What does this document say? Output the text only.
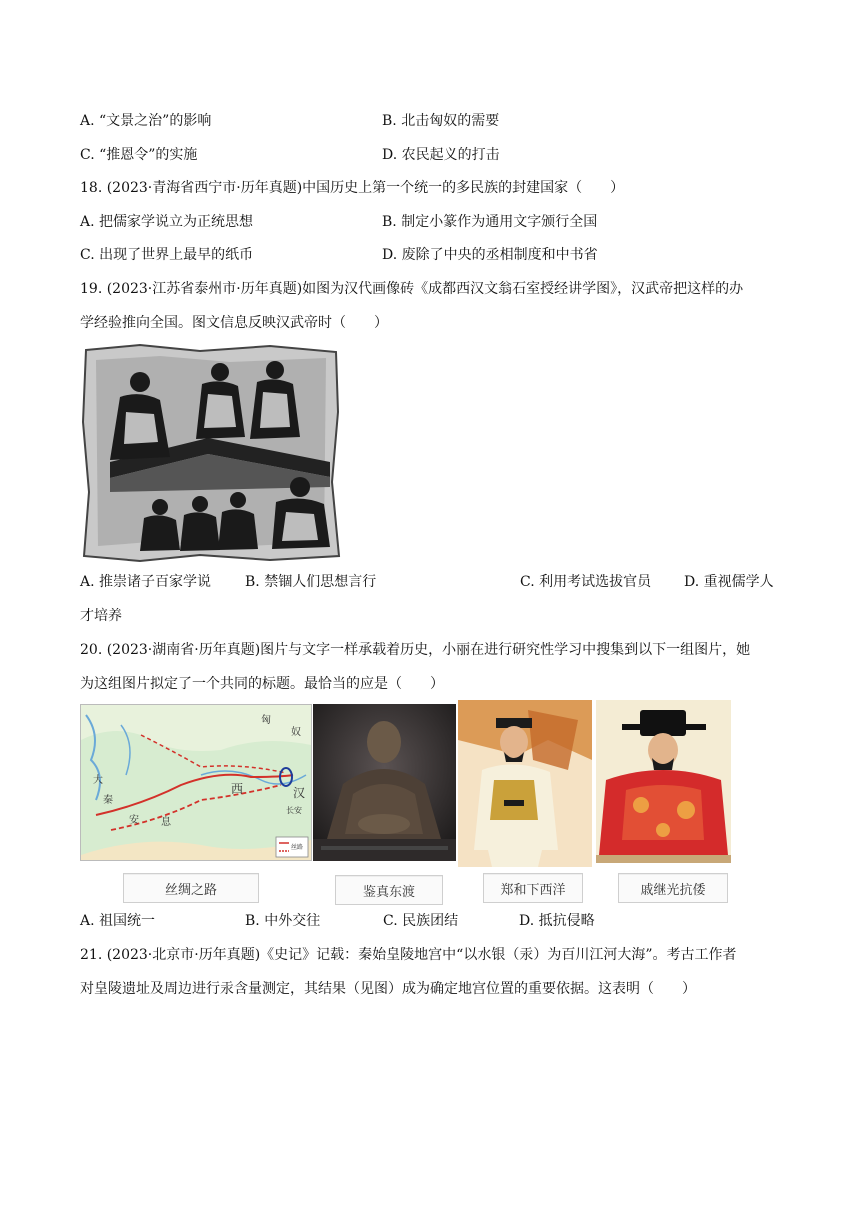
A. “文景之治”的影响	B. 北击匈奴的需要
C. “推恩令”的实施	D. 农民起义的打击
18. (2023·青海省西宁市·历年真题)中国历史上第一个统一的多民族的封建国家（　　）
A. 把儒家学说立为正统思想	B. 制定小篆作为通用文字颁行全国
C. 出现了世界上最早的纸币	D. 废除了中央的丞相制度和中书省
19. (2023·江苏省泰州市·历年真题)如图为汉代画像砖《成都西汉文翁石室授经讲学图》，汉武帝把这样的办
学经验推向全国。图文信息反映汉武帝时（　　）
A. 推崇诸子百家学说 B. 禁锢人们思想言行	C. 利用考试选拔官员 D. 重视儒学人
才培养
20. (2023·湖南省·历年真题)图片与文字一样承载着历史，小丽在进行研究性学习中搜集到以下一组图片，她
为这组图片拟定了一个共同的标题。最恰当的应是（　　）
匈
奴
西	汉
长安
安 息
大
秦
丝路
丝绸之路	鉴真东渡	郑和下西洋	戚继光抗倭
A. 祖国统一	B. 中外交往	C. 民族团结	D. 抵抗侵略
21. (2023·北京市·历年真题)《史记》记载：秦始皇陵地宫中“以水银（汞）为百川江河大海”。考古工作者
对皇陵遗址及周边进行汞含量测定，其结果（见图）成为确定地宫位置的重要依据。这表明（　　）
